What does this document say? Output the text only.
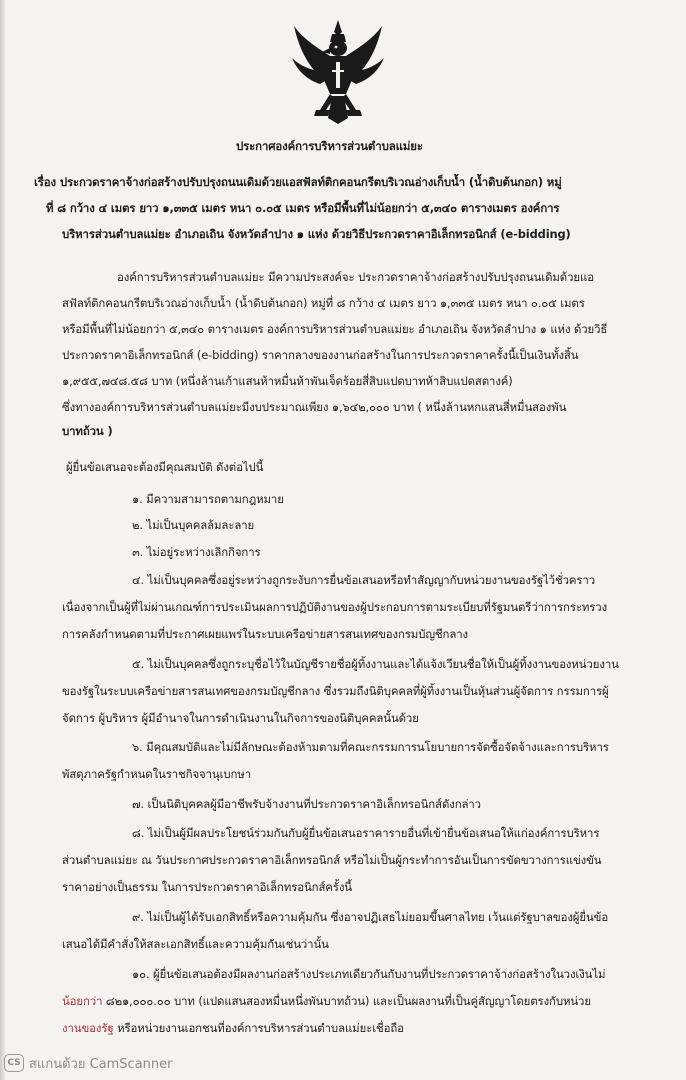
ประกาศองค์การบริหารส่วนตำบลแม่ยะ
เรื่อง ประกวดราคาจ้างก่อสร้างปรับปรุงถนนเดิมด้วยแอสฟัลท์ติกคอนกรีตบริเวณอ่างเก็บน้ำ (น้ำดิบต้นกอก) หมู่
ที่ ๘ กว้าง ๔ เมตร ยาว ๑,๓๓๕ เมตร หนา ๐.๐๕ เมตร หรือมีพื้นที่ไม่น้อยกว่า ๕,๓๔๐ ตารางเมตร องค์การ
บริหารส่วนตำบลแม่ยะ อำเภอเถิน จังหวัดลำปาง ๑ แห่ง ด้วยวิธีประกวดราคาอิเล็กทรอนิกส์ (e-bidding)
องค์การบริหารส่วนตำบลแม่ยะ มีความประสงค์จะ ประกวดราคาจ้างก่อสร้างปรับปรุงถนนเดิมด้วยแอ
สฟัลท์ติกคอนกรีตบริเวณอ่างเก็บน้ำ (น้ำดิบต้นกอก) หมู่ที่ ๘ กว้าง ๔ เมตร ยาว ๑,๓๓๕ เมตร หนา ๐.๐๕ เมตร
หรือมีพื้นที่ไม่น้อยกว่า ๕,๓๔๐ ตารางเมตร องค์การบริหารส่วนตำบลแม่ยะ อำเภอเถิน จังหวัดลำปาง ๑ แห่ง ด้วยวิธี
ประกวดราคาอิเล็กทรอนิกส์ (e-bidding) ราคากลางของงานก่อสร้างในการประกวดราคาครั้งนี้เป็นเงินทั้งสิ้น
๑,๙๕๕,๗๔๘.๕๘ บาท (หนึ่งล้านเก้าแสนห้าหมื่นห้าพันเจ็ดร้อยสี่สิบแปดบาทห้าสิบแปดสตางค์)
ซึ่งทางองค์การบริหารส่วนตำบลแม่ยะมีงบประมาณเพียง ๑,๖๔๒,๐๐๐ บาท ( หนึ่งล้านหกแสนสี่หมื่นสองพัน
บาทถ้วน )
ผู้ยื่นข้อเสนอจะต้องมีคุณสมบัติ ดังต่อไปนี้
๑. มีความสามารถตามกฎหมาย
๒. ไม่เป็นบุคคลล้มละลาย
๓. ไม่อยู่ระหว่างเลิกกิจการ
๔. ไม่เป็นบุคคลซึ่งอยู่ระหว่างถูกระงับการยื่นข้อเสนอหรือทำสัญญากับหน่วยงานของรัฐไว้ชั่วคราว
เนื่องจากเป็นผู้ที่ไม่ผ่านเกณฑ์การประเมินผลการปฏิบัติงานของผู้ประกอบการตามระเบียบที่รัฐมนตรีว่าการกระทรวง
การคลังกำหนดตามที่ประกาศเผยแพร่ในระบบเครือข่ายสารสนเทศของกรมบัญชีกลาง
๕. ไม่เป็นบุคคลซึ่งถูกระบุชื่อไว้ในบัญชีรายชื่อผู้ทิ้งงานและได้แจ้งเวียนชื่อให้เป็นผู้ทิ้งงานของหน่วยงาน
ของรัฐในระบบเครือข่ายสารสนเทศของกรมบัญชีกลาง ซึ่งรวมถึงนิติบุคคลที่ผู้ทิ้งงานเป็นหุ้นส่วนผู้จัดการ กรรมการผู้
จัดการ ผู้บริหาร ผู้มีอำนาจในการดำเนินงานในกิจการของนิติบุคคลนั้นด้วย
๖. มีคุณสมบัติและไม่มีลักษณะต้องห้ามตามที่คณะกรรมการนโยบายการจัดซื้อจัดจ้างและการบริหาร
พัสดุภาครัฐกำหนดในราชกิจจานุเบกษา
๗. เป็นนิติบุคคลผู้มีอาชีพรับจ้างงานที่ประกวดราคาอิเล็กทรอนิกส์ดังกล่าว
๘. ไม่เป็นผู้มีผลประโยชน์ร่วมกันกับผู้ยื่นข้อเสนอราคารายอื่นที่เข้ายื่นข้อเสนอให้แก่องค์การบริหาร
ส่วนตำบลแม่ยะ ณ วันประกาศประกวดราคาอิเล็กทรอนิกส์ หรือไม่เป็นผู้กระทำการอันเป็นการขัดขวางการแข่งขัน
ราคาอย่างเป็นธรรม ในการประกวดราคาอิเล็กทรอนิกส์ครั้งนี้
๙. ไม่เป็นผู้ได้รับเอกสิทธิ์หรือความคุ้มกัน ซึ่งอาจปฏิเสธไม่ยอมขึ้นศาลไทย เว้นแต่รัฐบาลของผู้ยื่นข้อ
เสนอได้มีคำสั่งให้สละเอกสิทธิ์และความคุ้มกันเช่นว่านั้น
๑๐. ผู้ยื่นข้อเสนอต้องมีผลงานก่อสร้างประเภทเดียวกันกับงานที่ประกวดราคาจ้างก่อสร้างในวงเงินไม่
น้อยกว่า ๘๒๑,๐๐๐.๐๐ บาท (แปดแสนสองหมื่นหนึ่งพันบาทถ้วน) และเป็นผลงานที่เป็นคู่สัญญาโดยตรงกับหน่วย
งานของรัฐ หรือหน่วยงานเอกชนที่องค์การบริหารส่วนตำบลแม่ยะเชื่อถือ
CS สแกนด้วย CamScanner
